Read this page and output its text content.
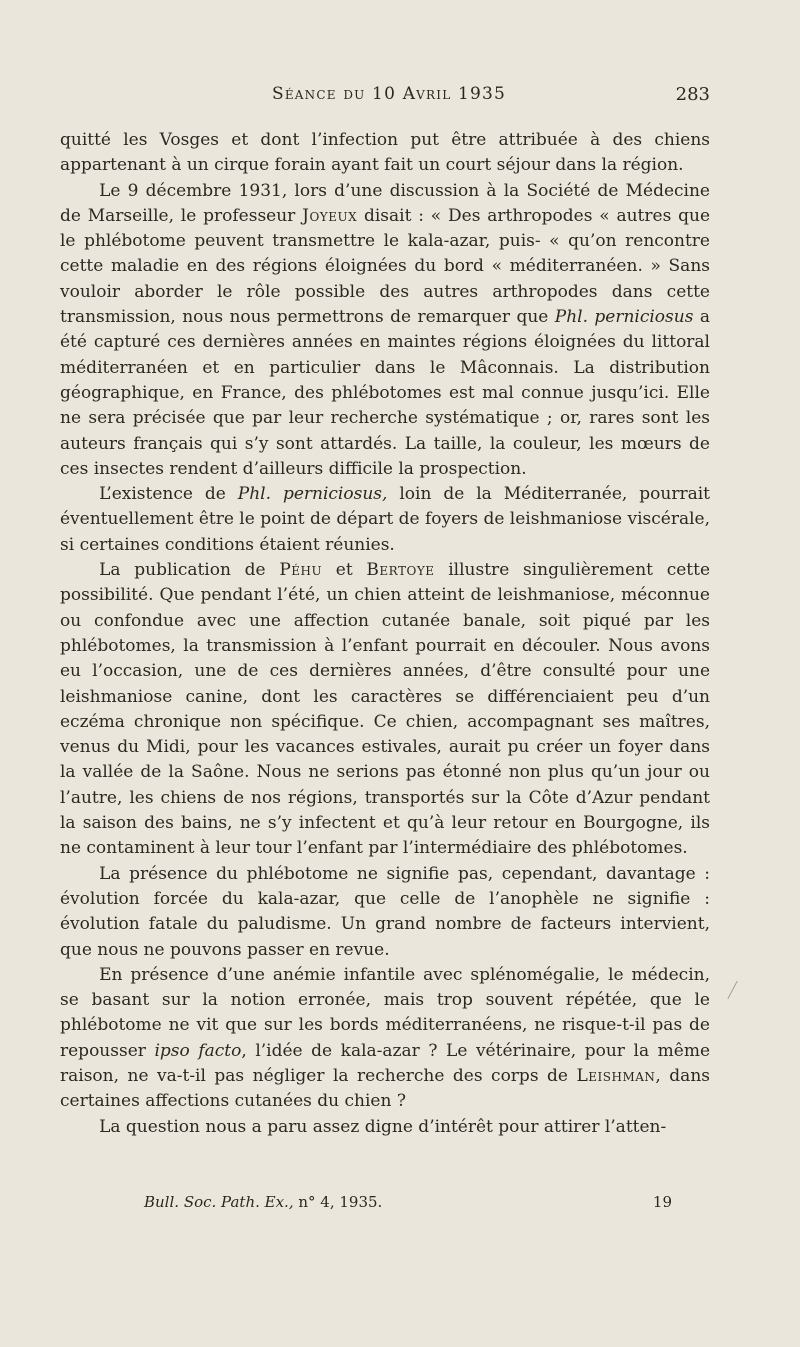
Séance du 10 Avril 1935	283

quitté les Vosges et dont l’infection put être attribuée à des chiens appartenant à un cirque forain ayant fait un court séjour dans la région.

Le 9 décembre 1931, lors d’une discussion à la Société de Médecine de Marseille, le professeur Joyeux disait : « Des arthropodes « autres que le phlébotome peuvent transmettre le kala-azar, puis- « qu’on rencontre cette maladie en des régions éloignées du bord « méditerranéen. » Sans vouloir aborder le rôle possible des autres arthropodes dans cette transmission, nous nous permettrons de remarquer que Phl. perniciosus a été capturé ces dernières années en maintes régions éloignées du littoral méditerranéen et en particulier dans le Mâconnais. La distribution géographique, en France, des phlébotomes est mal connue jusqu’ici. Elle ne sera précisée que par leur recherche systématique ; or, rares sont les auteurs français qui s’y sont attardés. La taille, la couleur, les mœurs de ces insectes rendent d’ailleurs difficile la prospection.

L’existence de Phl. perniciosus, loin de la Méditerranée, pourrait éventuellement être le point de départ de foyers de leishmaniose viscérale, si certaines conditions étaient réunies.

La publication de Péhu et Bertoye illustre singulièrement cette possibilité. Que pendant l’été, un chien atteint de leishmaniose, méconnue ou confondue avec une affection cutanée banale, soit piqué par les phlébotomes, la transmission à l’enfant pourrait en découler. Nous avons eu l’occasion, une de ces dernières années, d’être consulté pour une leishmaniose canine, dont les caractères se différenciaient peu d’un eczéma chronique non spécifique. Ce chien, accompagnant ses maîtres, venus du Midi, pour les vacances estivales, aurait pu créer un foyer dans la vallée de la Saône. Nous ne serions pas étonné non plus qu’un jour ou l’autre, les chiens de nos régions, transportés sur la Côte d’Azur pendant la saison des bains, ne s’y infectent et qu’à leur retour en Bourgogne, ils ne contaminent à leur tour l’enfant par l’intermédiaire des phlébotomes.

La présence du phlébotome ne signifie pas, cependant, davantage : évolution forcée du kala-azar, que celle de l’anophèle ne signifie : évolution fatale du paludisme. Un grand nombre de facteurs intervient, que nous ne pouvons passer en revue.

En présence d’une anémie infantile avec splénomégalie, le médecin, se basant sur la notion erronée, mais trop souvent répétée, que le phlébotome ne vit que sur les bords méditerranéens, ne risque-t-il pas de repousser ipso facto, l’idée de kala-azar ? Le vétérinaire, pour la même raison, ne va-t-il pas négliger la recherche des corps de Leishman, dans certaines affections cutanées du chien ?

La question nous a paru assez digne d’intérêt pour attirer l’atten-

Bull. Soc. Path. Ex., n° 4, 1935.	19
